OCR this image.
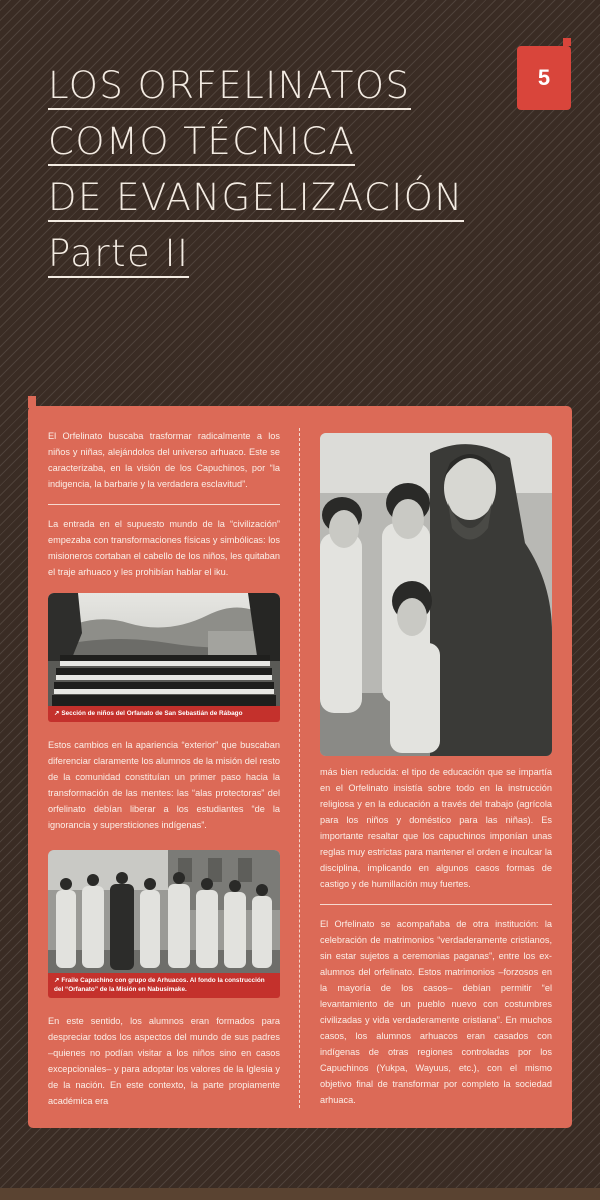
LOS ORFELINATOS
COMO TÉCNICA
DE EVANGELIZACIÓN
Parte II
5

El Orfelinato buscaba trasformar radicalmente a los niños y niñas, alejándolos del universo arhuaco. Este se caracterizaba, en la visión de los Capuchinos, por “la indigencia, la barbarie y la verdadera esclavitud”.

La entrada en el supuesto mundo de la “civilización” empezaba con transformaciones físicas y simbólicas: los misioneros cortaban el cabello de los niños, les quitaban el traje arhuaco y les prohibían hablar el iku.

↗ Sección de niños del Orfanato de San Sebastián de Rábago

Estos cambios en la apariencia “exterior” que buscaban diferenciar claramente los alumnos de la misión del resto de la comunidad constituían un primer paso hacia la transformación de las mentes: las “alas protectoras” del orfelinato debían liberar a los estudiantes “de la ignorancia y supersticiones indígenas”.

↗ Fraile Capuchino con grupo de Arhuacos. Al fondo la construcción
del “Orfanato” de la Misión en Nabusimake.

En este sentido, los alumnos eran formados para despreciar todos los aspectos del mundo de sus padres –quienes no podían visitar a los niños sino en casos excepcionales– y para adoptar los valores de la Iglesia y de la nación. En este contexto, la parte propiamente académica era

más bien reducida: el tipo de educación que se impartía en el Orfelinato insistía sobre todo en la instrucción religiosa y en la educación a través del trabajo (agrícola para los niños y doméstico para las niñas). Es importante resaltar que los capuchinos imponían unas reglas muy estrictas para mantener el orden e inculcar la disciplina, implicando en algunos casos formas de castigo y de humillación muy fuertes.

El Orfelinato se acompañaba de otra institución: la celebración de matrimonios “verdaderamente cristianos, sin estar sujetos a ceremonias paganas”, entre los ex-alumnos del orfelinato. Estos matrimonios –forzosos en la mayoría de los casos– debían permitir “el levantamiento de un pueblo nuevo con costumbres civilizadas y vida verdaderamente cristiana”. En muchos casos, los alumnos arhuacos eran casados con indígenas de otras regiones controladas por los Capuchinos (Yukpa, Wayuus, etc.), con el mismo objetivo final de transformar por completo la sociedad arhuaca.
